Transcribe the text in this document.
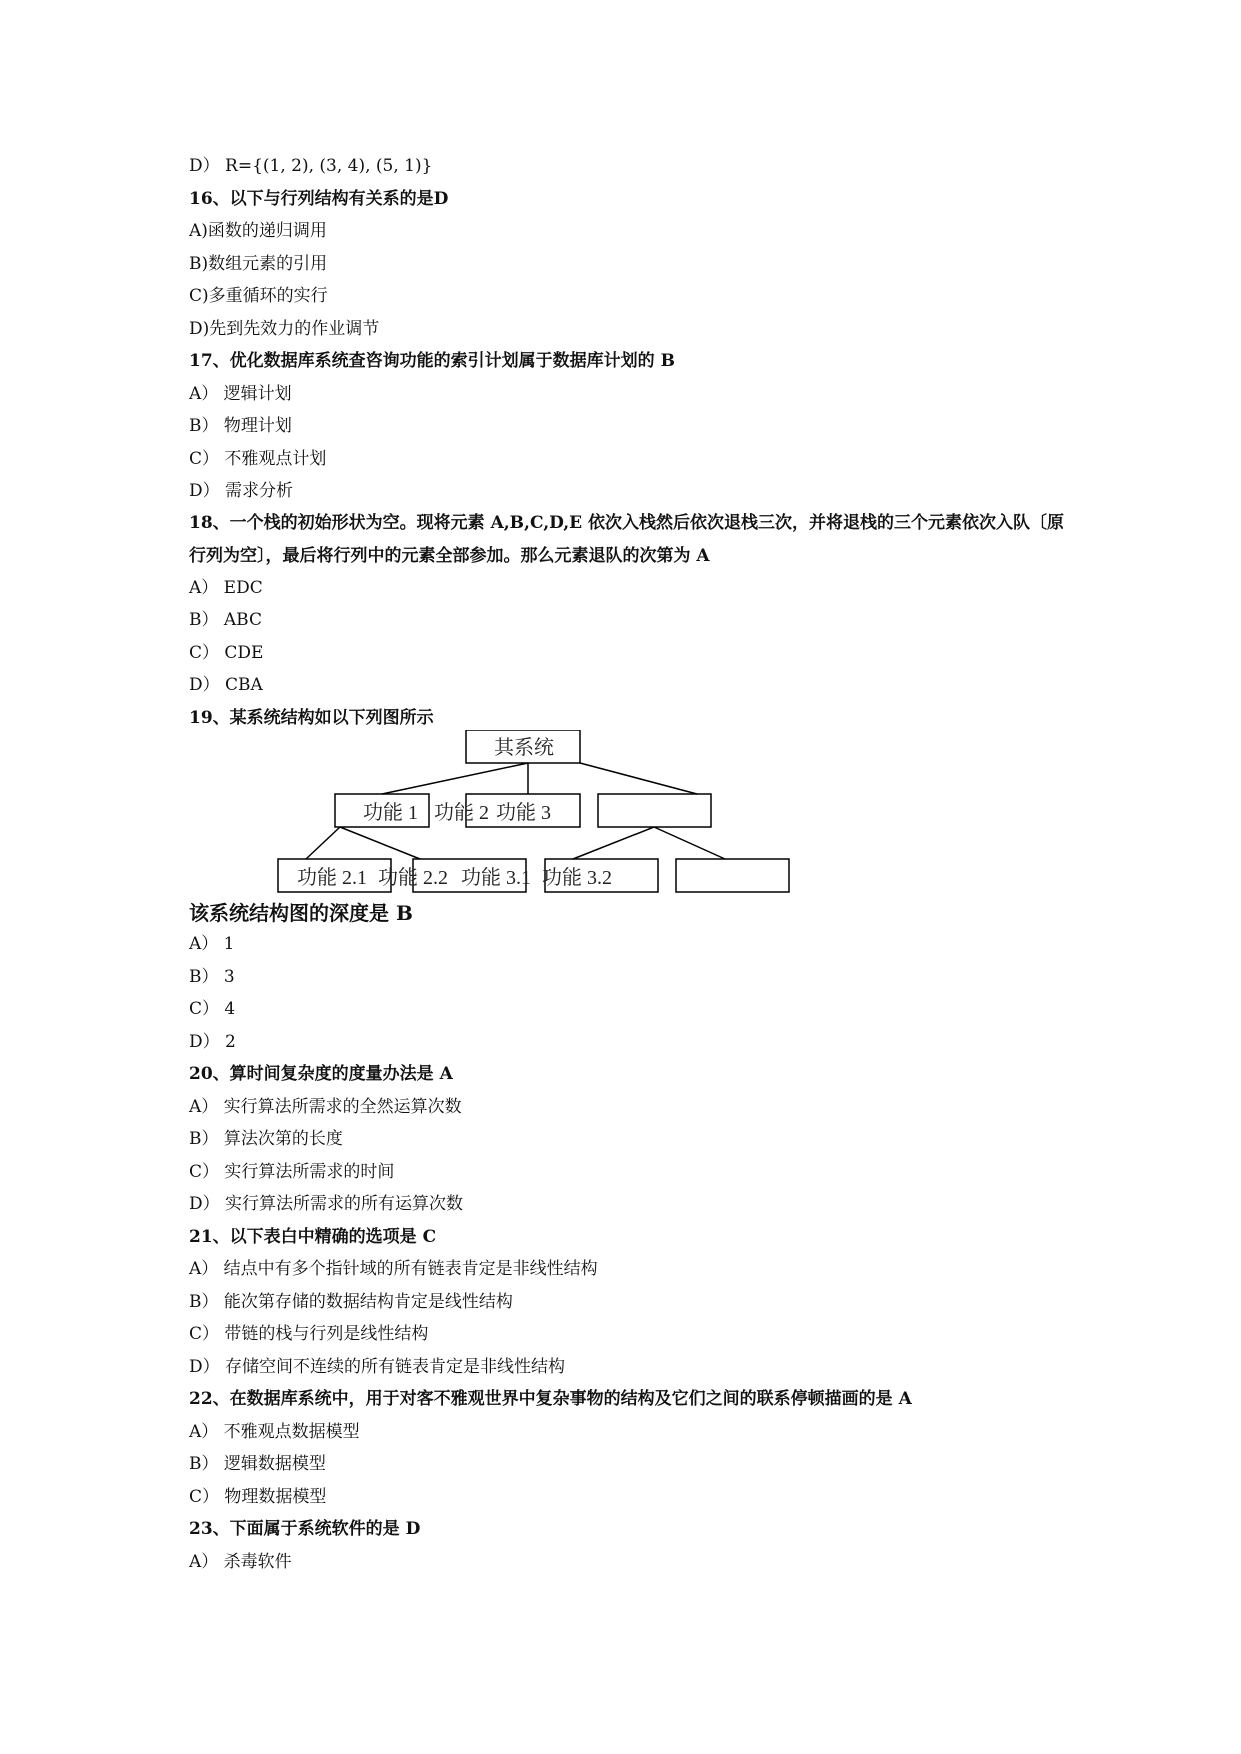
D） R={(1, 2), (3, 4), (5, 1)}
16、以下与行列结构有关系的是D
A)函数的递归调用
B)数组元素的引用
C)多重循环的实行
D)先到先效力的作业调节
17、优化数据库系统查咨询功能的索引计划属于数据库计划的 B
A） 逻辑计划
B） 物理计划
C） 不雅观点计划
D） 需求分析
18、一个栈的初始形状为空。现将元素 A,B,C,D,E 依次入栈然后依次退栈三次，并将退栈的三个元素依次入队〔原
行列为空〕，最后将行列中的元素全部参加。那么元素退队的次第为 A
A） EDC
B） ABC
C） CDE
D） CBA
19、某系统结构如以下列图所示
其系统
功能 1 功能 2 功能 3
功能 2.1 功能 2.2 功能 3.1 功能 3.2
该系统结构图的深度是 B
A） 1
B） 3
C） 4
D） 2
20、算时间复杂度的度量办法是 A
A） 实行算法所需求的全然运算次数
B） 算法次第的长度
C） 实行算法所需求的时间
D） 实行算法所需求的所有运算次数
21、以下表白中精确的选项是 C
A） 结点中有多个指针域的所有链表肯定是非线性结构
B） 能次第存储的数据结构肯定是线性结构
C） 带链的栈与行列是线性结构
D） 存储空间不连续的所有链表肯定是非线性结构
22、在数据库系统中，用于对客不雅观世界中复杂事物的结构及它们之间的联系停顿描画的是 A
A） 不雅观点数据模型
B） 逻辑数据模型
C） 物理数据模型
23、下面属于系统软件的是 D
A） 杀毒软件
